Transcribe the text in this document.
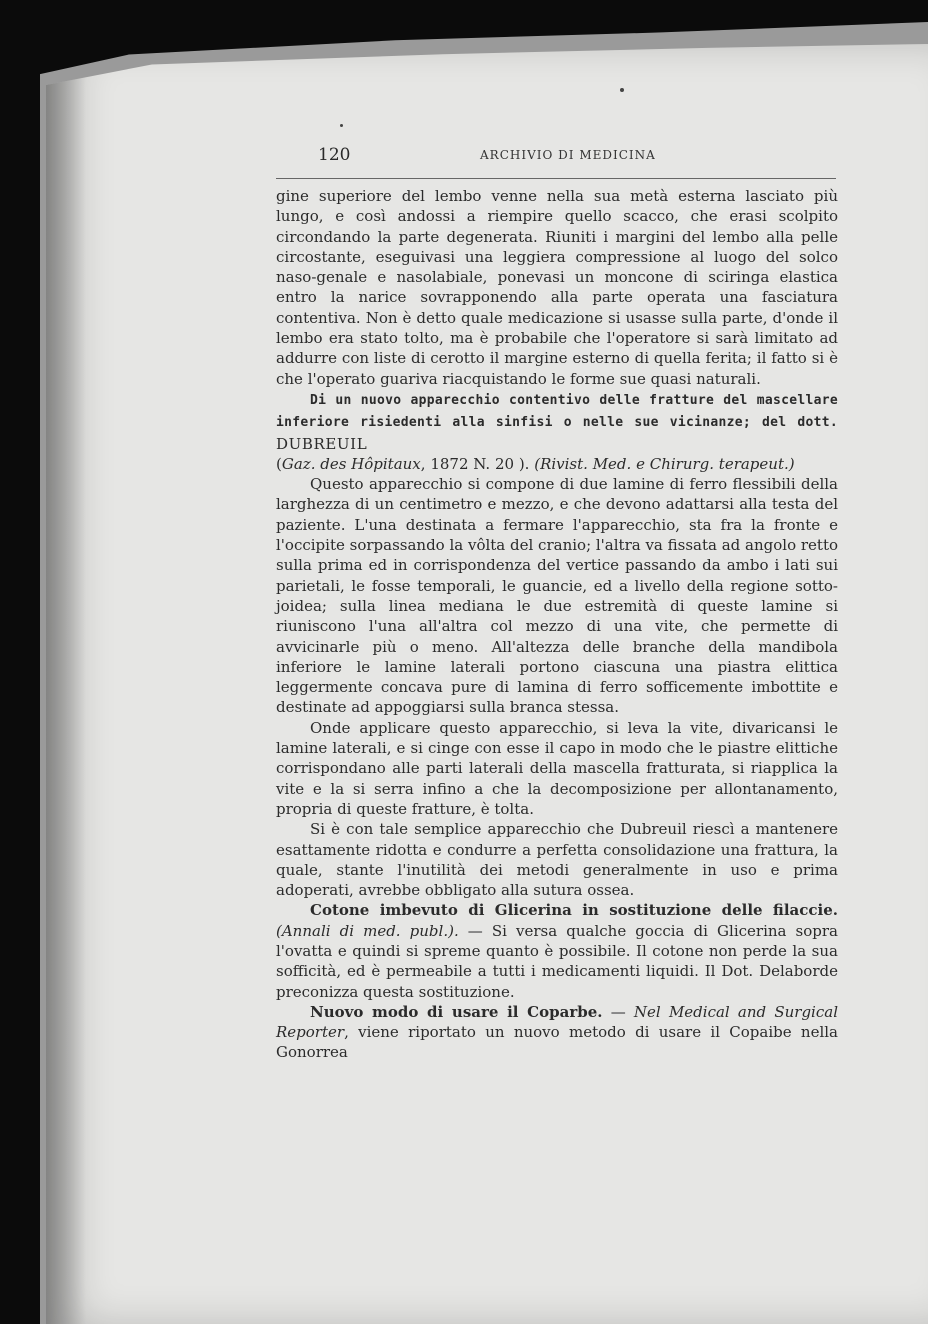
120	ARCHIVIO DI MEDICINA

gine superiore del lembo venne nella sua metà esterna lasciato più lungo, e così andossi a riempire quello scacco, che erasi scolpito circondando la parte degenerata. Riuniti i margini del lembo alla pelle circostante, eseguivasi una leggiera compressione al luogo del solco naso-genale e nasolabiale, ponevasi un moncone di sciringa elastica entro la narice sovrapponendo alla parte operata una fasciatura contentiva. Non è detto quale medicazione si usasse sulla parte, d'onde il lembo era stato tolto, ma è probabile che l'operatore si sarà limitato ad addurre con liste di cerotto il margine esterno di quella ferita; il fatto si è che l'operato guariva riacquistando le forme sue quasi naturali.

Di un nuovo apparecchio contentivo delle fratture del mascellare inferiore risiedenti alla sinfisi o nelle sue vicinanze; del dott. DUBREUIL
(Gaz. des Hôpitaux, 1872 N. 20 ). (Rivist. Med. e Chirurg. terapeut.)

Questo apparecchio si compone di due lamine di ferro flessibili della larghezza di un centimetro e mezzo, e che devono adattarsi alla testa del paziente. L'una destinata a fermare l'apparecchio, sta fra la fronte e l'occipite sorpassando la vôlta del cranio; l'altra va fissata ad angolo retto sulla prima ed in corrispondenza del vertice passando da ambo i lati sui parietali, le fosse temporali, le guancie, ed a livello della regione sotto-joidea; sulla linea mediana le due estremità di queste lamine si riuniscono l'una all'altra col mezzo di una vite, che permette di avvicinarle più o meno. All'altezza delle branche della mandibola inferiore le lamine laterali portono ciascuna una piastra elittica leggermente concava pure di lamina di ferro sofficemente imbottite e destinate ad appoggiarsi sulla branca stessa.

Onde applicare questo apparecchio, si leva la vite, divaricansi le lamine laterali, e si cinge con esse il capo in modo che le piastre elittiche corrispondano alle parti laterali della mascella fratturata, si riapplica la vite e la si serra infino a che la decomposizione per allontanamento, propria di queste fratture, è tolta.

Si è con tale semplice apparecchio che Dubreuil riescì a mantenere esattamente ridotta e condurre a perfetta consolidazione una frattura, la quale, stante l'inutilità dei metodi generalmente in uso e prima adoperati, avrebbe obbligato alla sutura ossea.

Cotone imbevuto di Glicerina in sostituzione delle filaccie. (Annali di med. publ.). — Si versa qualche goccia di Glicerina sopra l'ovatta e quindi si spreme quanto è possibile. Il cotone non perde la sua sofficità, ed è permeabile a tutti i medicamenti liquidi. Il Dot. Delaborde preconizza questa sostituzione.

Nuovo modo di usare il Coparbe. — Nel Medical and Surgical Reporter, viene riportato un nuovo metodo di usare il Copaibe nella Gonorrea
